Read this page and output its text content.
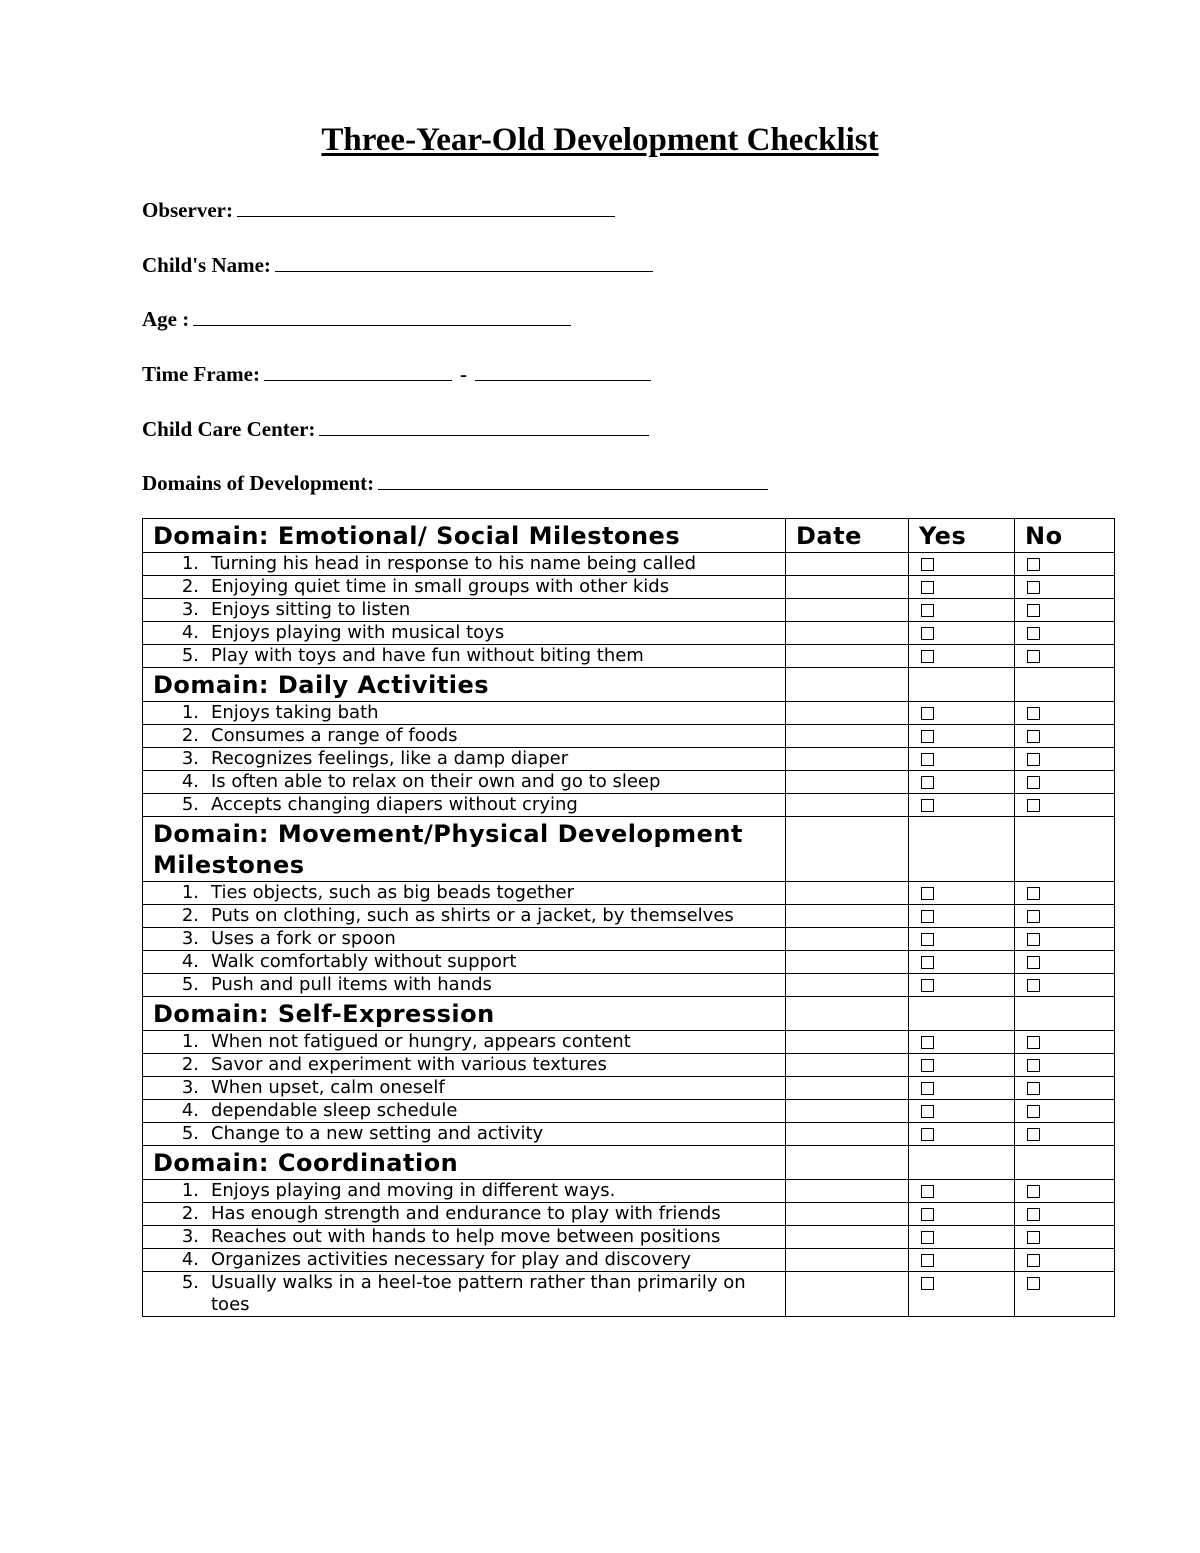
Three-Year-Old Development Checklist
Observer:
Child's Name:
Age :
Time Frame:	-
Child Care Center:
Domains of Development:
Domain: Emotional/ Social Milestones	Date	Yes	No
1. Turning his head in response to his name being called			
2. Enjoying quiet time in small groups with other kids			
3. Enjoys sitting to listen			
4. Enjoys playing with musical toys			
5. Play with toys and have fun without biting them			
Domain: Daily Activities			
1. Enjoys taking bath			
2. Consumes a range of foods			
3. Recognizes feelings, like a damp diaper			
4. Is often able to relax on their own and go to sleep			
5. Accepts changing diapers without crying			
Domain: Movement/Physical Development Milestones			
1. Ties objects, such as big beads together			
2. Puts on clothing, such as shirts or a jacket, by themselves			
3. Uses a fork or spoon			
4. Walk comfortably without support			
5. Push and pull items with hands			
Domain: Self-Expression			
1. When not fatigued or hungry, appears content			
2. Savor and experiment with various textures			
3. When upset, calm oneself			
4. dependable sleep schedule			
5. Change to a new setting and activity			
Domain: Coordination			
1. Enjoys playing and moving in different ways.			
2. Has enough strength and endurance to play with friends			
3. Reaches out with hands to help move between positions			
4. Organizes activities necessary for play and discovery			
5. Usually walks in a heel-toe pattern rather than primarily on toes			
